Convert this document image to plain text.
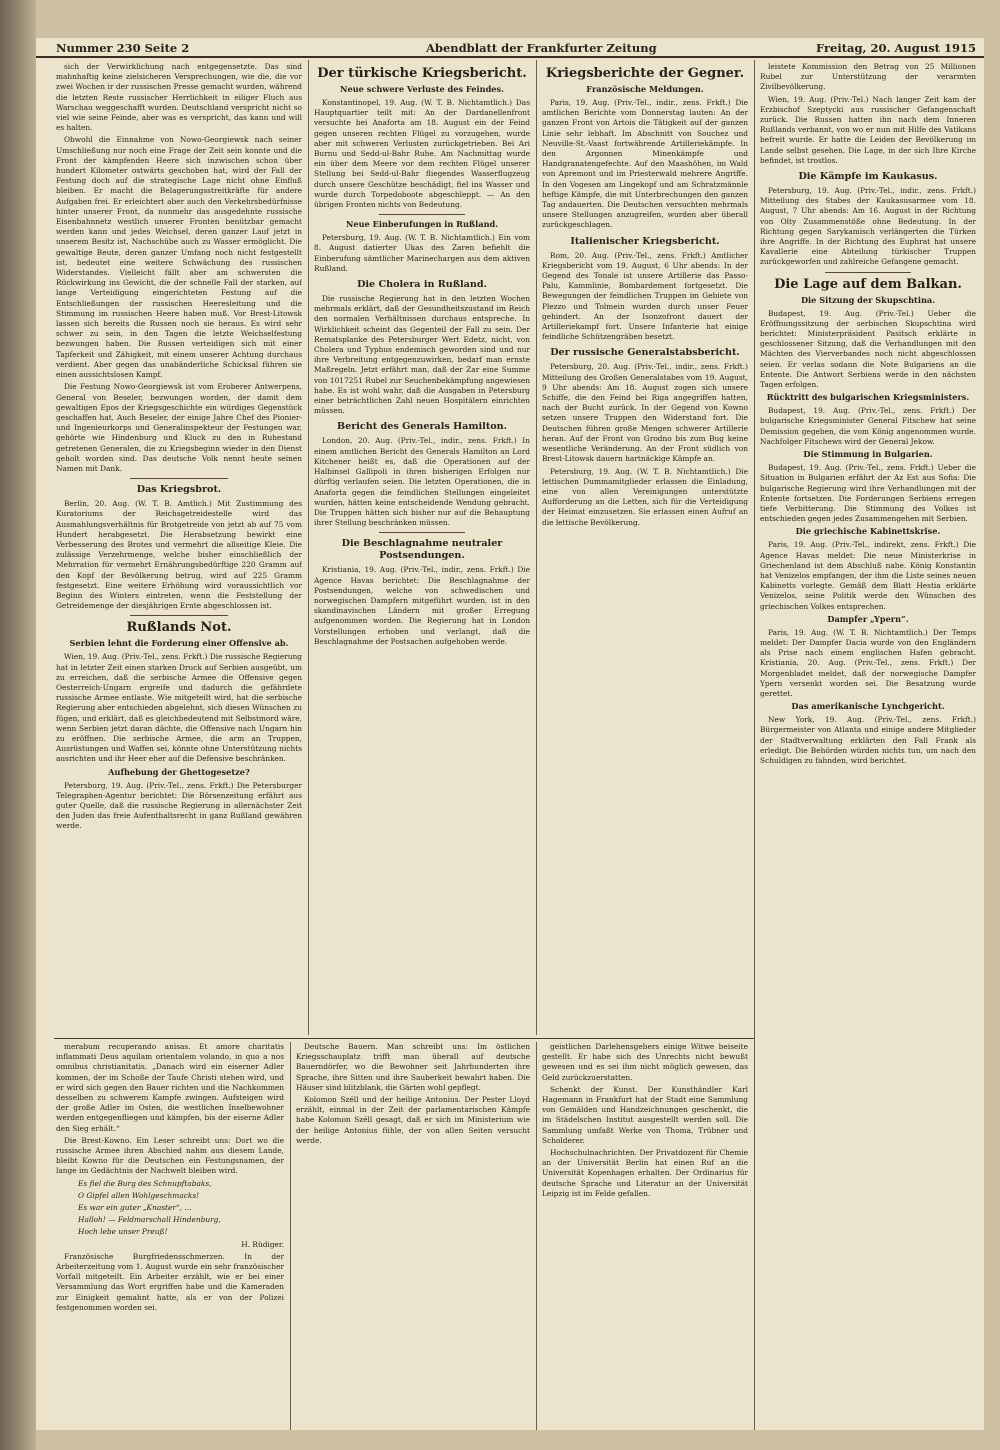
Nummer 230 Seite 2	Abendblatt der Frankfurter Zeitung	Freitag, 20. August 1915

sich der Verwirklichung nach entgegensetzte. Das sind mahnhaftig keine zielsicheren Versprechungen, wie die, die vor zwei Wochen ir der russischen Presse gemacht wurden, während die letzten Reste russischer Herrlichkeit in eiliger Fluch aus Warschau weggeschafft wurden. Deutschland verspricht nicht so viel wie seine Feinde, aber was es verspricht, das kann und will es halten.

Obwohl die Einnahme von Nowo-Georgiewsk nach seiner Umschließung nur noch eine Frage der Zeit sein konnte und die Front der kämpfenden Heere sich inzwischen schon über hundert Kilometer ostwärts geschoben hat, wird der Fall der Festung doch auf die strategische Lage nicht ohne Einfluß bleiben. Er macht die Belagerungsstreitkräfte für andere Aufgaben frei. Er erleichtert aber auch den Verkehrsbedürfnisse hinter unserer Front, da nunmehr das ausgedehnte russische Eisenbahnnetz westlich unserer Fronten benützbar gemacht werden kann und jedes Weichsel, deren ganzer Lauf jetzt in unserem Besitz ist, Nachschübe auch zu Wasser ermöglicht. Die gewaltige Beute, deren ganzer Umfang noch nicht festgestellt ist, bedeutet eine weitere Schwächung des russischen Widerstandes. Vielleicht fällt aber am schwersten die Rückwirkung ins Gewicht, die der schnelle Fall der starken, auf lange Verteidigung eingerichteten Festung auf die Entschließungen der russischen Heeresleitung und die Stimmung im russischen Heere haben muß. Vor Brest-Litowsk lassen sich bereits die Russen noch sie heraus. Es wird sehr schwer zu sein, in den Tagen die letzte Weichselfestung bezwungen haben. Die Russen verteidigen sich mit einer Tapferkeit und Zähigkeit, mit einem unserer Achtung durchaus verdient. Aber gegen das unabänderliche Schicksal führen sie einen aussichtslosen Kampf.

Die Festung Nowo-Georgiewsk ist vom Eroberer Antwerpens, General von Beseler, bezwungen worden, der damit dem gewaltigen Epos der Kriegsgeschichte ein würdiges Gegenstück geschaffen hat. Auch Beseler, der einige Jahre Chef des Pionier- und Ingenieurkorps und Generalinspekteur der Festungen war, gehörte wie Hindenburg und Kluck zu den in Ruhestand getretenen Generalen, die zu Kriegsbeginn wieder in den Dienst geholt worden sind. Das deutsche Volk nennt heute seinen Namen mit Dank.

Das Kriegsbrot.

Berlin, 20. Aug. (W. T. B. Amtlich.) Mit Zustimmung des Kuratoriums der Reichsgetreidestelle wird das Ausmahlungsverhältnis für Brotgetreide von jetzt ab auf 75 vom Hundert herabgesetzt. Die Herabsetzung bewirkt eine Verbesserung des Brotes und vermehrt die allseitige Kleie. Die zulässige Verzehrmenge, welche bisher einschließlich der Mehrration für vermehrt Ernährungsbedürftige 220 Gramm auf den Kopf der Bevölkerung betrug, wird auf 225 Gramm festgesetzt. Eine weitere Erhöhung wird voraussichtlich vor Beginn des Winters eintreten, wenn die Feststellung der Getreidemenge der diesjährigen Ernte abgeschlossen ist.

Rußlands Not.
Serbien lehnt die Forderung einer Offensive ab.

Wien, 19. Aug. (Priv.-Tel., zens. Frkft.) Die russische Regierung hat in letzter Zeit einen starken Druck auf Serbien ausgeübt, um zu erreichen, daß die serbische Armee die Offensive gegen Oesterreich-Ungarn ergreife und dadurch die gefährdete russische Armee entlaste. Wie mitgeteilt wird, hat die serbische Regierung aber entschieden abgelehnt, sich diesen Wünschen zu fügen, und erklärt, daß es gleichbedeutend mit Selbstmord wäre, wenn Serbien jetzt daran dächte, die Offensive nach Ungarn hin zu eröffnen. Die serbische Armee, die arm an Truppen, Ausrüstungen und Waffen sei, könnte ohne Unterstützung nichts ausrichten und ihr Heer eher auf die Defensive beschränken.

Aufhebung der Ghettogesetze?

Petersburg, 19. Aug. (Priv.-Tel., zens. Frkft.) Die Petersburger Telegraphen-Agentur berichtet: Die Börsenzeitung erfährt aus guter Quelle, daß die russische Regierung in allernächster Zeit den Juden das freie Aufenthaltsrecht in ganz Rußland gewähren werde.

Der türkische Kriegsbericht.
Neue schwere Verluste des Feindes.

Konstantinopel, 19. Aug. (W. T. B. Nichtamtlich.) Das Hauptquartier teilt mit: An der Dardanellenfront versuchte bei Anaforta am 18. August ein der Feind gegen unseren rechten Flügel zu vorzugehen, wurde aber mit schweren Verlusten zurückgetrieben. Bei Ari Burnu und Sedd-ul-Bahr Ruhe. Am Nachmittag wurde ein über dem Meere vor dem rechten Flügel unserer Stellung bei Sedd-ul-Bahr fliegendes Wasserflugzeug durch unsere Geschütze beschädigt, fiel ins Wasser und wurde durch Torpedoboote abgeschleppt. — An den übrigen Fronten nichts von Bedeutung.

Neue Einberufungen in Rußland.

Petersburg, 19. Aug. (W. T. B. Nichtamtlich.) Ein vom 8. August datierter Ukas des Zaren befiehlt die Einberufung sämtlicher Marinechargen aus dem aktiven Rußland.

Die Cholera in Rußland.

Die russische Regierung hat in den letzten Wochen mehrmals erklärt, daß der Gesundheitszustand im Reich den normalen Verhältnissen durchaus entspreche. In Wirklichkeit scheint das Gegenteil der Fall zu sein. Der Rematsplanke des Petersburger Wert Edetz, nicht, von Cholera und Typhus endemisch geworden sind und nur ihre Verbreitung entgegenzuwirken, bedarf man ernste Maßregeln. Jetzt erfährt man, daß der Zar eine Summe von 1017251 Rubel zur Seuchenbekämpfung angewiesen habe. Es ist wohl wahr, daß die Ausgaben in Petersburg einer beträchtlichen Zahl neuen Hospitälern einrichten müssen.

Bericht des Generals Hamilton.

London, 20. Aug. (Priv.-Tel., indir., zens. Frkft.) In einem amtlichen Bericht des Generals Hamilton an Lord Kitchener heißt es, daß die Operationen auf der Halbinsel Gallipoli in ihren bisherigen Erfolgen nur dürftig verlaufen seien. Die letzten Operationen, die in Anaforta gegen die feindlichen Stellungen eingeleitet wurden, hätten keine entscheidende Wendung gebracht. Die Truppen hätten sich bisher nur auf die Behauptung ihrer Stellung beschränken müssen.

Die Beschlagnahme neutraler Postsendungen.

Kristiania, 19. Aug. (Priv.-Tel., indir., zens. Frkft.) Die Agence Havas berichtet: Die Beschlagnahme der Postsendungen, welche von schwedischen und norwegischen Dampfern mitgeführt wurden, ist in den skandinavischen Ländern mit großer Erregung aufgenommen worden. Die Regierung hat in London Vorstellungen erhoben und verlangt, daß die Beschlagnahme der Postsachen aufgehoben werde.

Kriegsberichte der Gegner.
Französische Meldungen.

Paris, 19. Aug. (Priv.-Tel., indir., zens. Frkft.) Die amtlichen Berichte vom Donnerstag lauten: An der ganzen Front von Artois die Tätigkeit auf der ganzen Linie sehr lebhaft. Im Abschnitt von Souchez und Neuville-St.-Vaast fortwährende Artilleriekämpfe. In den Argonnen Minenkämpfe und Handgranatengefechte. Auf den Maashöhen, im Wald von Apremont und im Priesterwald mehrere Angriffe. In den Vogesen am Lingekopf und am Schratzmännle heftige Kämpfe, die mit Unterbrechungen den ganzen Tag andauerten. Die Deutschen versuchten mehrmals unsere Stellungen anzugreifen, wurden aber überall zurückgeschlagen.

Italienischer Kriegsbericht.

Rom, 20. Aug. (Priv.-Tel., zens. Frkft.) Amtlicher Kriegsbericht vom 19. August, 6 Uhr abends: In der Gegend des Tonale ist unsere Artillerie das Passo-Palu, Kammlinie, Bombardement fortgesetzt. Die Bewegungen der feindlichen Truppen im Gebiete von Plezzo und Tolmein wurden durch unser Feuer gehindert. An der Isonzofront dauert der Artilleriekampf fort. Unsere Infanterie hat einige feindliche Schützengräben besetzt.

Der russische Generalstabsbericht.

Petersburg, 20. Aug. (Priv.-Tel., indir., zens. Frkft.) Mitteilung des Großen Generalstabes vom 19. August, 9 Uhr abends: Am 18. August zogen sich unsere Schiffe, die den Feind bei Riga angegriffen hatten, nach der Bucht zurück. In der Gegend von Kowno setzen unsere Truppen den Widerstand fort. Die Deutschen führen große Mengen schwerer Artillerie heran. Auf der Front von Grodno bis zum Bug keine wesentliche Veränderung. An der Front südlich von Brest-Litowsk dauern hartnäckige Kämpfe an.

Petersburg, 19. Aug. (W. T. B. Nichtamtlich.) Die lettischen Dummamitglieder erlassen die Einladung, eine von allen Vereinigungen unterstützte Aufforderung an die Letten, sich für die Verteidigung der Heimat einzusetzen. Sie erlassen einen Aufruf an die lettische Bevölkerung.

leistete Kommission den Betrag von 25 Millionen Rubel zur Unterstützung der verarmten Zivilbevölkerung.

Wien, 19. Aug. (Priv.-Tel.) Nach langer Zeit kam der Erzbischof Szeptycki aus russischer Gefangenschaft zurück. Die Russen hatten ihn nach dem Inneren Rußlands verbannt, von wo er nun mit Hilfe des Vatikans befreit wurde. Er hatte die Leiden der Bevölkerung im Lande selbst gesehen. Die Lage, in der sich Ihre Kirche befindet, ist trostlos.

Die Kämpfe im Kaukasus.

Petersburg, 19. Aug. (Priv.-Tel., indir., zens. Frkft.) Mitteilung des Stabes der Kaukasusarmee vom 18. August, 7 Uhr abends: Am 16. August in der Richtung von Olty Zusammenstöße ohne Bedeutung. In der Richtung gegen Sarykamisch verlängerten die Türken ihre Angriffe. In der Richtung des Euphrat hat unsere Kavallerie eine Abteilung türkischer Truppen zurückgeworfen und zahlreiche Gefangene gemacht.

Die Lage auf dem Balkan.
Die Sitzung der Skupschtina.

Budapest, 19. Aug. (Priv.-Tel.) Ueber die Eröffnungssitzung der serbischen Skupschtina wird berichtet: Ministerpräsident Pasitsch erklärte in geschlossener Sitzung, daß die Verhandlungen mit den Mächten des Vierverbandes noch nicht abgeschlossen seien. Er verlas sodann die Note Bulgariens an die Entente. Die Antwort Serbiens werde in den nächsten Tagen erfolgen.

Rücktritt des bulgarischen Kriegsministers.

Budapest, 19. Aug. (Priv.-Tel., zens. Frkft.) Der bulgarische Kriegsminister General Fitschew hat seine Demission gegeben, die vom König angenommen wurde. Nachfolger Fitschews wird der General Jekow.

Die Stimmung in Bulgarien.

Budapest, 19. Aug. (Priv.-Tel., zens. Frkft.) Ueber die Situation in Bulgarien erfährt der Az Est aus Sofia: Die bulgarische Regierung wird ihre Verhandlungen mit der Entente fortsetzen. Die Forderungen Serbiens erregen tiefe Verbitterung. Die Stimmung des Volkes ist entschieden gegen jedes Zusammengehen mit Serbien.

Die griechische Kabinettskrise.

Paris, 19. Aug. (Priv.-Tel., indirekt, zens. Frkft.) Die Agence Havas meldet: Die neue Ministerkrise in Griechenland ist dem Abschluß nahe. König Konstantin hat Venizelos empfangen, der ihm die Liste seines neuen Kabinetts vorlegte. Gemäß dem Blatt Hestia erklärte Venizelos, seine Politik werde den Wünschen des griechischen Volkes entsprechen.

Dampfer „Ypern“.

Paris, 19. Aug. (W. T. B. Nichtamtlich.) Der Temps meldet: Der Dampfer Dacia wurde von den Engländern als Prise nach einem englischen Hafen gebracht. Kristiania, 20. Aug. (Priv.-Tel., zens. Frkft.) Der Morgenbladet meldet, daß der norwegische Dampfer Ypern versenkt worden sei. Die Besatzung wurde gerettet.

Das amerikanische Lynchgericht.

New York, 19. Aug. (Priv.-Tel., zens. Frkft.) Bürgermeister von Atlanta und einige andere Mitglieder der Stadtverwaltung erklärten den Fall Frank als erledigt. Die Behörden würden nichts tun, um nach den Schuldigen zu fahnden, wird berichtet.

merabum recuperando anisas. Et amore charitatis inflammati Deus aquilam orientalem volando, in quo a nos omnibus christianitatis. „Danach wird ein eiserner Adler kommen, der im Schoße der Taufe Christi stehen wird, und er wird sich gegen den Bauer richten und die Nachkommen desselben zu schwerem Kampfe zwingen. Aufsteigen wird der große Adler im Osten, die westlichen Inselbewohner werden entgegenfliegen und kämpfen, bis der eiserne Adler den Sieg erhält.“

Die Brest-Kowno. Ein Leser schreibt uns: Dort wo die russische Armee ihren Abschied nahm aus diesem Lande, bleibt Kowno für die Deutschen ein Festungsnamen, der lange im Gedächtnis der Nachwelt bleiben wird.

Es fiel die Burg des Schnupftabaks,

O Gipfel allen Wohlgeschmacks!

Es war ein guter „Knaster“, ...

Halloh! — Feldmarschall Hindenburg,

Hoch lebe unser Preuß!

H. Rüdiger.

Französische Burgfriedensschmerzen. In der Arbeiterzeitung vom 1. August wurde ein sehr französischer Vorfall mitgeteilt. Ein Arbeiter erzählt, wie er bei einer Versammlung das Wort ergriffen habe und die Kameraden zur Einigkeit gemahnt hatte, als er von der Polizei festgenommen worden sei.

Deutsche Bauern. Man schreibt uns: Im östlichen Kriegsschauplatz trifft man überall auf deutsche Bauerndörfer, wo die Bewohner seit Jahrhunderten ihre Sprache, ihre Sitten und ihre Sauberkeit bewahrt haben. Die Häuser sind blitzblank, die Gärten wohl gepflegt.

Kolomon Széll und der heilige Antonius. Der Pester Lloyd erzählt, einmal in der Zeit der parlamentarischen Kämpfe habe Kolomon Széll gesagt, daß er sich im Ministerium wie der heilige Antonius fühle, der von allen Seiten versucht werde.

geistlichen Darlehensgebers einige Witwe beiseite gestellt. Er habe sich des Unrechts nicht bewußt gewesen und es sei ihm nicht möglich gewesen, das Geld zurückzuerstatten.

Schenkt der Kunst. Der Kunsthändler Karl Hagemann in Frankfurt hat der Stadt eine Sammlung von Gemälden und Handzeichnungen geschenkt, die im Städelschen Institut ausgestellt werden soll. Die Sammlung umfaßt Werke von Thoma, Trübner und Scholderer.

Hochschulnachrichten. Der Privatdozent für Chemie an der Universität Berlin hat einen Ruf an die Universität Kopenhagen erhalten. Der Ordinarius für deutsche Sprache und Literatur an der Universität Leipzig ist im Felde gefallen.
